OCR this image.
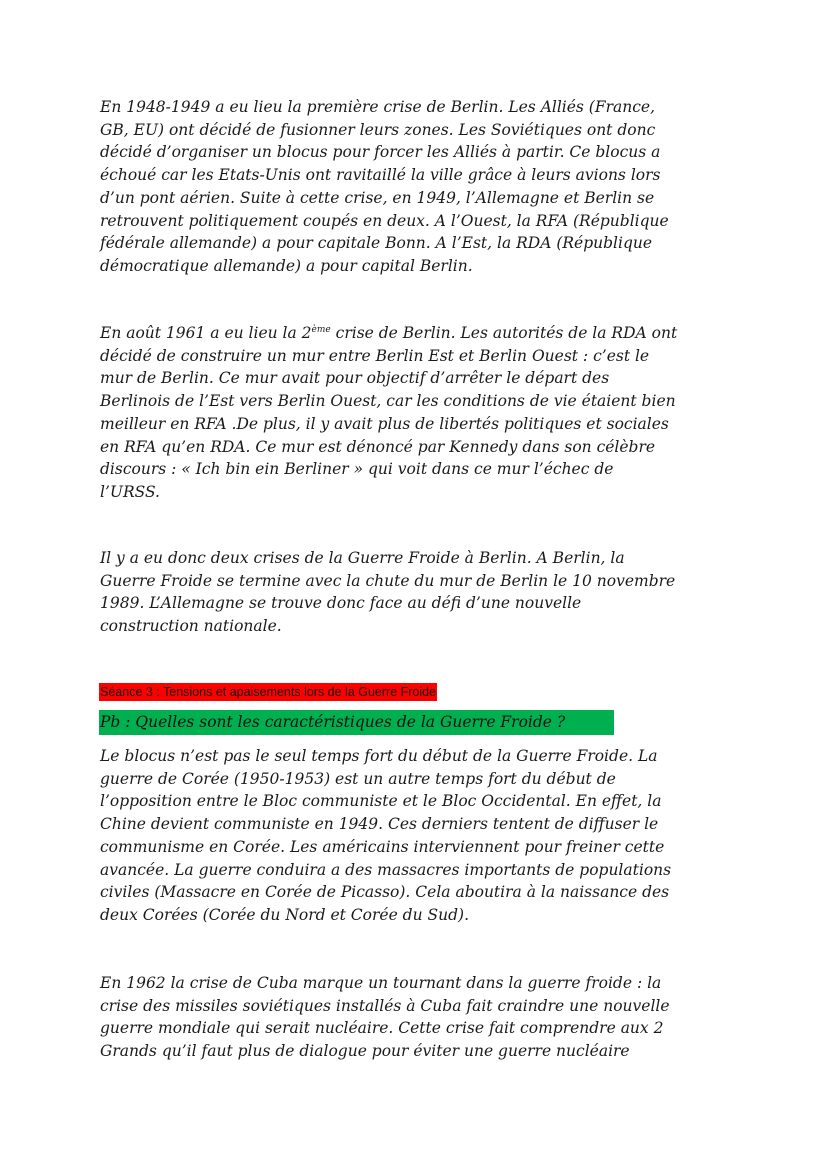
En 1948-1949 a eu lieu la première crise de Berlin. Les Alliés (France,
GB, EU) ont décidé de fusionner leurs zones. Les Soviétiques ont donc
décidé d’organiser un blocus pour forcer les Alliés à partir. Ce blocus a
échoué car les Etats-Unis ont ravitaillé la ville grâce à leurs avions lors
d’un pont aérien. Suite à cette crise, en 1949, l’Allemagne et Berlin se
retrouvent politiquement coupés en deux. A l’Ouest, la RFA (République
fédérale allemande) a pour capitale Bonn. A l’Est, la RDA (République
démocratique allemande) a pour capital Berlin.
En août 1961 a eu lieu la 2ème crise de Berlin. Les autorités de la RDA ont
décidé de construire un mur entre Berlin Est et Berlin Ouest : c’est le
mur de Berlin. Ce mur avait pour objectif d’arrêter le départ des
Berlinois de l’Est vers Berlin Ouest, car les conditions de vie étaient bien
meilleur en RFA .De plus, il y avait plus de libertés politiques et sociales
en RFA qu’en RDA. Ce mur est dénoncé par Kennedy dans son célèbre
discours : « Ich bin ein Berliner » qui voit dans ce mur l’échec de
l’URSS.
Il y a eu donc deux crises de la Guerre Froide à Berlin. A Berlin, la
Guerre Froide se termine avec la chute du mur de Berlin le 10 novembre
1989. L’Allemagne se trouve donc face au défi d’une nouvelle
construction nationale.
Séance 3 : Tensions et apaisements lors de la Guerre Froide
Pb : Quelles sont les caractéristiques de la Guerre Froide ?
Le blocus n’est pas le seul temps fort du début de la Guerre Froide. La
guerre de Corée (1950-1953) est un autre temps fort du début de
l’opposition entre le Bloc communiste et le Bloc Occidental. En effet, la
Chine devient communiste en 1949. Ces derniers tentent de diffuser le
communisme en Corée. Les américains interviennent pour freiner cette
avancée. La guerre conduira a des massacres importants de populations
civiles (Massacre en Corée de Picasso). Cela aboutira à la naissance des
deux Corées (Corée du Nord et Corée du Sud).
En 1962 la crise de Cuba marque un tournant dans la guerre froide : la
crise des missiles soviétiques installés à Cuba fait craindre une nouvelle
guerre mondiale qui serait nucléaire. Cette crise fait comprendre aux 2
Grands qu’il faut plus de dialogue pour éviter une guerre nucléaire
